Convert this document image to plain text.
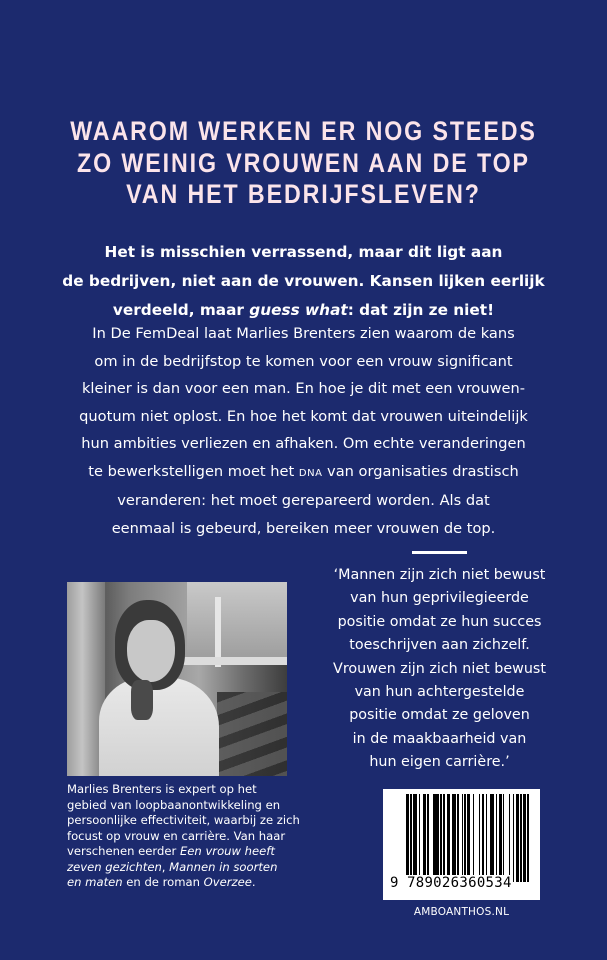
WAAROM WERKEN ER NOG STEEDS
ZO WEINIG VROUWEN AAN DE TOP
VAN HET BEDRIJFSLEVEN?
Het is misschien verrassend, maar dit ligt aan
de bedrijven, niet aan de vrouwen. Kansen lijken eerlijk
verdeeld, maar guess what: dat zijn ze niet!
In De FemDeal laat Marlies Brenters zien waarom de kans
om in de bedrijfstop te komen voor een vrouw significant
kleiner is dan voor een man. En hoe je dit met een vrouwen-
quotum niet oplost. En hoe het komt dat vrouwen uiteindelijk
hun ambities verliezen en afhaken. Om echte veranderingen
te bewerkstelligen moet het DNA van organisaties drastisch
veranderen: het moet gerepareerd worden. Als dat
eenmaal is gebeurd, bereiken meer vrouwen de top.
‘Mannen zijn zich niet bewust
van hun geprivilegieerde
positie omdat ze hun succes
toeschrijven aan zichzelf.
Vrouwen zijn zich niet bewust
van hun achtergestelde
positie omdat ze geloven
in de maakbaarheid van
hun eigen carrière.’
Marlies Brenters is expert op het
gebied van loopbaanontwikkeling en
persoonlijke effectiviteit, waarbij ze zich
focust op vrouw en carrière. Van haar
verschenen eerder Een vrouw heeft
zeven gezichten, Mannen in soorten
en maten en de roman Overzee.	9 789026360534
AMBOANTHOS.NL
